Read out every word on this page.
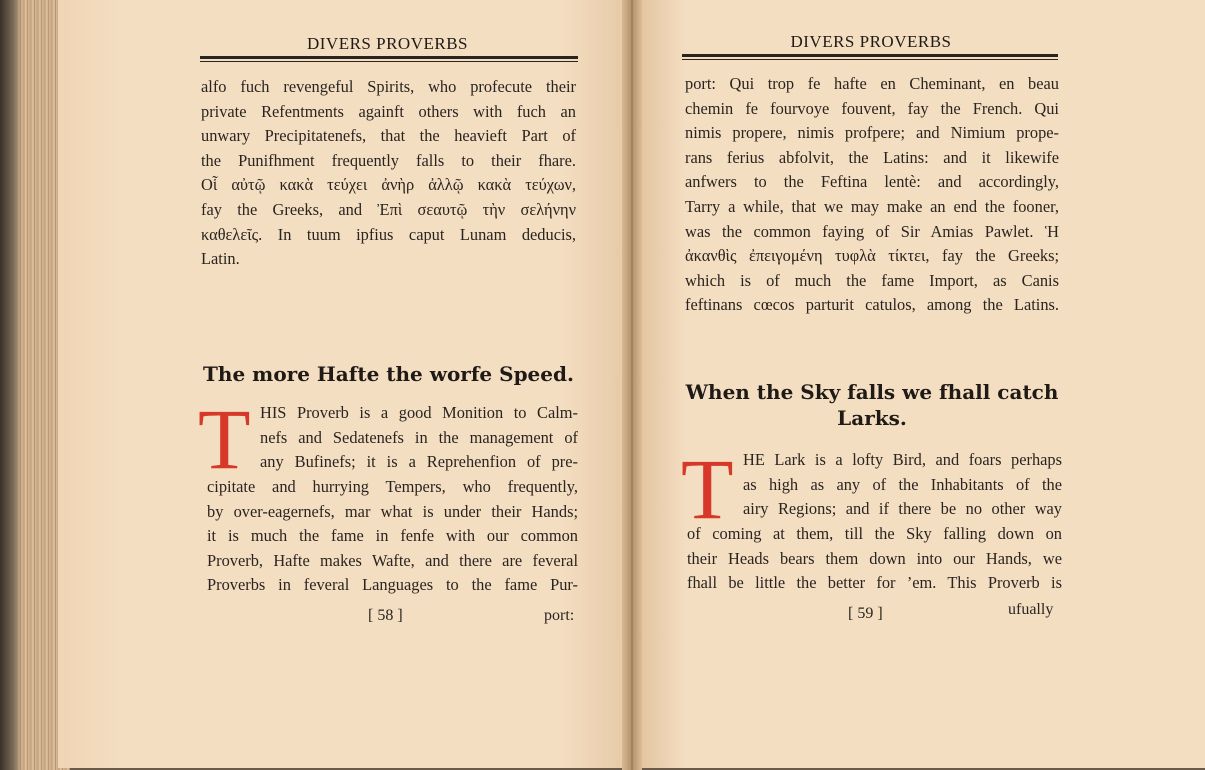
DIVERS PROVERBS
alfo fuch revengeful Spirits, who profecute their
private Refentments againft others with fuch an
unwary Precipitatenefs, that the heavieft Part of
the Punifhment frequently falls to their fhare.
Oἷ αὐτῷ κακὰ τεύχει ἀνὴρ ἀλλῷ κακὰ τεύχων,
fay the Greeks, and Ἐπὶ σεαυτῷ τὴν σελήνην
καθελεῖς. In tuum ipfius caput Lunam deducis,
Latin.
The more Hafte the worfe Speed.
T HIS Proverb is a good Monition to Calm-
nefs and Sedatenefs in the management of
any Bufinefs; it is a Reprehenfion of pre-
cipitate and hurrying Tempers, who frequently,
by over-eagernefs, mar what is under their Hands;
it is much the fame in fenfe with our common
Proverb, Hafte makes Wafte, and there are feveral
Proverbs in feveral Languages to the fame Pur-
[ 58 ]	port:
DIVERS PROVERBS
port: Qui trop fe hafte en Cheminant, en beau
chemin fe fourvoye fouvent, fay the French. Qui
nimis propere, nimis profpere; and Nimium prope-
rans ferius abfolvit, the Latins: and it likewife
anfwers to the Feftina lentè: and accordingly,
Tarry a while, that we may make an end the fooner,
was the common faying of Sir Amias Pawlet. Ἡ
ἀκανθὶς ἐπειγομένη τυφλὰ τίκτει, fay the Greeks;
which is of much the fame Import, as Canis
feftinans cœcos parturit catulos, among the Latins.
When the Sky falls we fhall catch
Larks.
T HE Lark is a lofty Bird, and foars perhaps
as high as any of the Inhabitants of the
airy Regions; and if there be no other way
of coming at them, till the Sky falling down on
their Heads bears them down into our Hands, we
fhall be little the better for ’em. This Proverb is
[ 59 ]	ufually
